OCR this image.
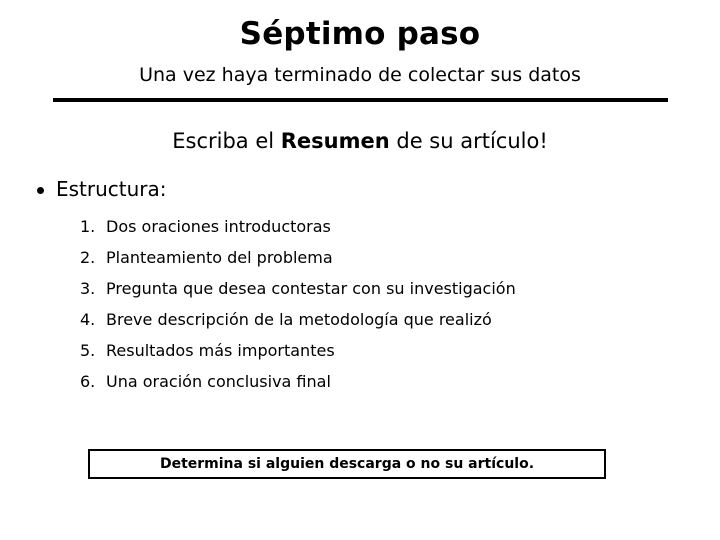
Séptimo paso
Una vez haya terminado de colectar sus datos
Escriba el Resumen de su artículo!
Estructura:
1. Dos oraciones introductoras
2. Planteamiento del problema
3. Pregunta que desea contestar con su investigación
4. Breve descripción de la metodología que realizó
5. Resultados más importantes
6. Una oración conclusiva final
Determina si alguien descarga o no su artículo.
